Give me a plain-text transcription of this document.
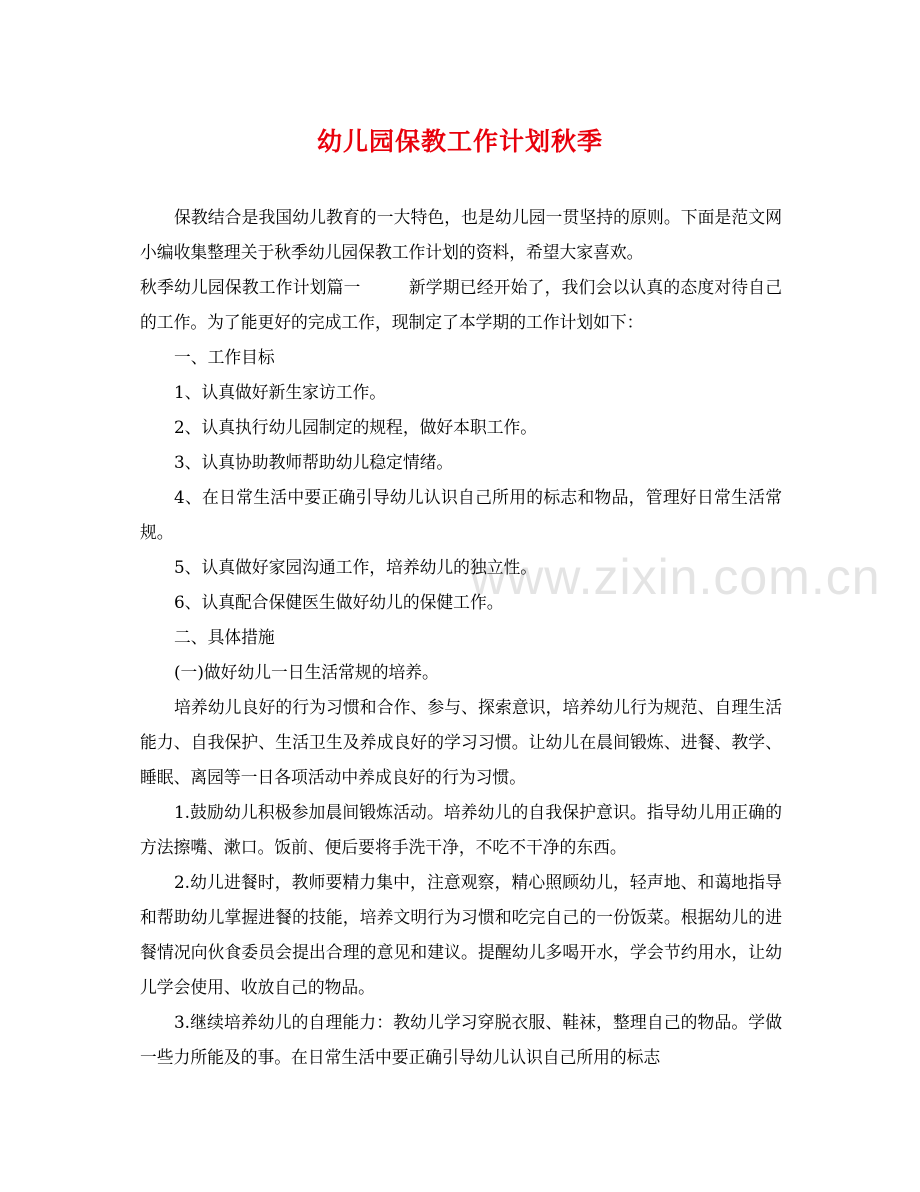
www.zixin.com.cn
幼儿园保教工作计划秋季

保教结合是我国幼儿教育的一大特色，也是幼儿园一贯坚持的原则。下面是范文网小编收集整理关于秋季幼儿园保教工作计划的资料，希望大家喜欢。

秋季幼儿园保教工作计划篇一	新学期已经开始了，我们会以认真的态度对待自己的工作。为了能更好的完成工作，现制定了本学期的工作计划如下：

一、工作目标

1、认真做好新生家访工作。

2、认真执行幼儿园制定的规程，做好本职工作。

3、认真协助教师帮助幼儿稳定情绪。

4、在日常生活中要正确引导幼儿认识自己所用的标志和物品，管理好日常生活常规。

5、认真做好家园沟通工作，培养幼儿的独立性。

6、认真配合保健医生做好幼儿的保健工作。

二、具体措施

(一)做好幼儿一日生活常规的培养。

培养幼儿良好的行为习惯和合作、参与、探索意识，培养幼儿行为规范、自理生活能力、自我保护、生活卫生及养成良好的学习习惯。让幼儿在晨间锻炼、进餐、教学、睡眠、离园等一日各项活动中养成良好的行为习惯。

1.鼓励幼儿积极参加晨间锻炼活动。培养幼儿的自我保护意识。指导幼儿用正确的方法擦嘴、漱口。饭前、便后要将手洗干净，不吃不干净的东西。

2.幼儿进餐时，教师要精力集中，注意观察，精心照顾幼儿，轻声地、和蔼地指导和帮助幼儿掌握进餐的技能，培养文明行为习惯和吃完自己的一份饭菜。根据幼儿的进餐情况向伙食委员会提出合理的意见和建议。提醒幼儿多喝开水，学会节约用水，让幼儿学会使用、收放自己的物品。

3.继续培养幼儿的自理能力：教幼儿学习穿脱衣服、鞋袜，整理自己的物品。学做一些力所能及的事。在日常生活中要正确引导幼儿认识自己所用的标志
